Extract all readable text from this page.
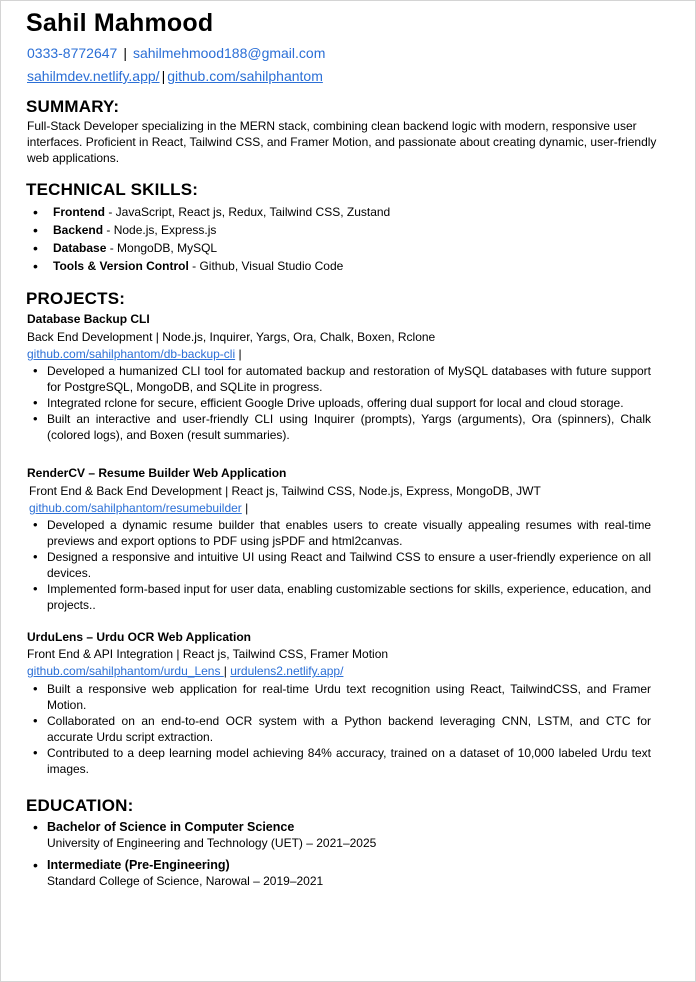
Sahil Mahmood
0333-8772647 | sahilmehmood188@gmail.com
sahilmdev.netlify.app/ | github.com/sahilphantom
SUMMARY:

Full-Stack Developer specializing in the MERN stack, combining clean backend logic with modern, responsive user interfaces. Proficient in React, Tailwind CSS, and Framer Motion, and passionate about creating dynamic, user-friendly web applications.

TECHNICAL SKILLS:
• Frontend - JavaScript, React js, Redux, Tailwind CSS, Zustand
• Backend - Node.js, Express.js
• Database - MongoDB, MySQL
• Tools & Version Control - Github, Visual Studio Code
PROJECTS:
Database Backup CLI
Back End Development | Node.js, Inquirer, Yargs, Ora, Chalk, Boxen, Rclone
github.com/sahilphantom/db-backup-cli |
• Developed a humanized CLI tool for automated backup and restoration of MySQL databases with future support for PostgreSQL, MongoDB, and SQLite in progress.
• Integrated rclone for secure, efficient Google Drive uploads, offering dual support for local and cloud storage.
• Built an interactive and user-friendly CLI using Inquirer (prompts), Yargs (arguments), Ora (spinners), Chalk (colored logs), and Boxen (result summaries).
RenderCV – Resume Builder Web Application
Front End & Back End Development | React js, Tailwind CSS, Node.js, Express, MongoDB, JWT
github.com/sahilphantom/resumebuilder |
• Developed a dynamic resume builder that enables users to create visually appealing resumes with real-time previews and export options to PDF using jsPDF and html2canvas.
• Designed a responsive and intuitive UI using React and Tailwind CSS to ensure a user-friendly experience on all devices.
• Implemented form-based input for user data, enabling customizable sections for skills, experience, education, and projects..
UrduLens – Urdu OCR Web Application
Front End & API Integration | React js, Tailwind CSS, Framer Motion
github.com/sahilphantom/urdu_Lens | urdulens2.netlify.app/
• Built a responsive web application for real-time Urdu text recognition using React, TailwindCSS, and Framer Motion.
• Collaborated on an end-to-end OCR system with a Python backend leveraging CNN, LSTM, and CTC for accurate Urdu script extraction.
• Contributed to a deep learning model achieving 84% accuracy, trained on a dataset of 10,000 labeled Urdu text images.
EDUCATION:
• Bachelor of Science in Computer Science
University of Engineering and Technology (UET) – 2021–2025
• Intermediate (Pre-Engineering)
Standard College of Science, Narowal – 2019–2021
